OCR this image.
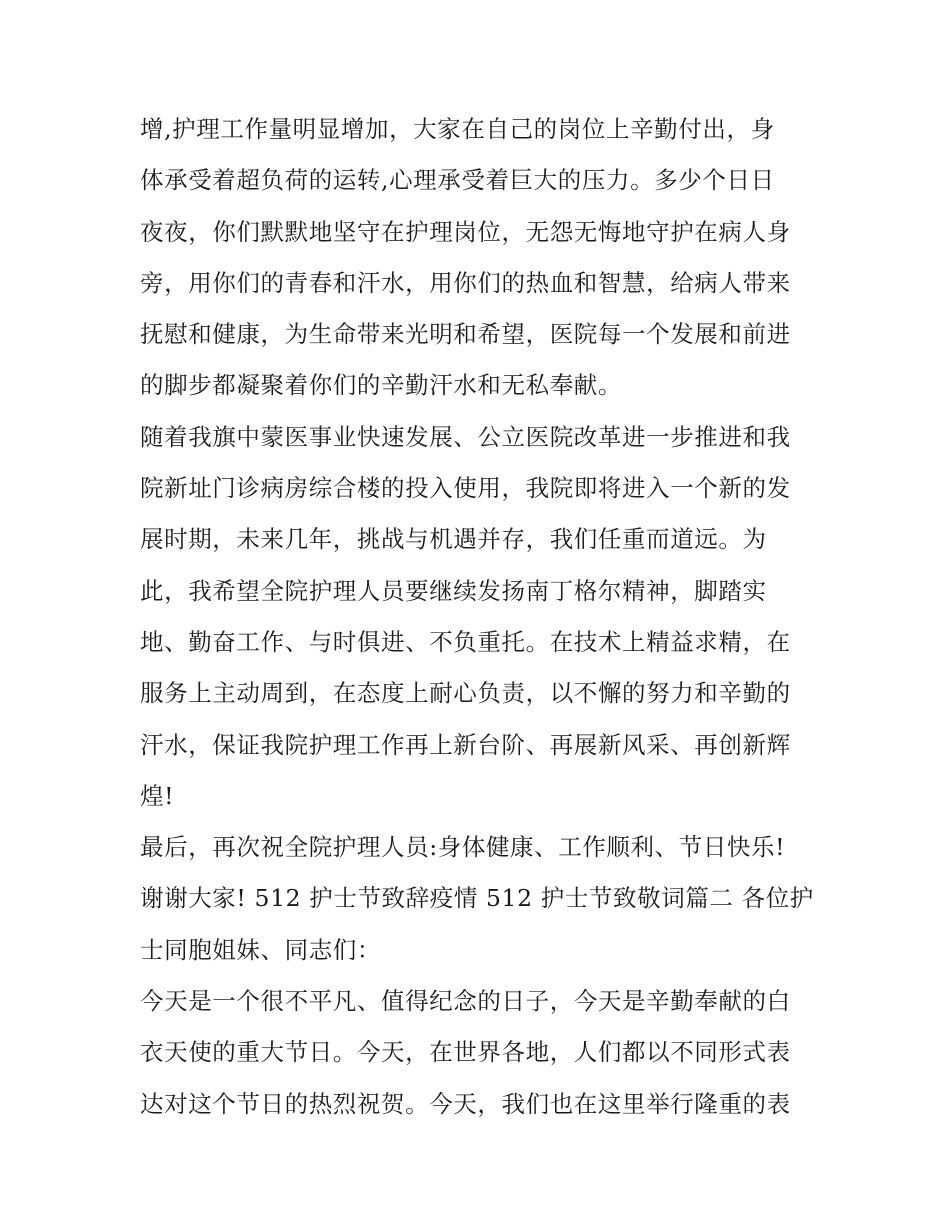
增,护理工作量明显增加，大家在自己的岗位上辛勤付出，身
体承受着超负荷的运转,心理承受着巨大的压力。多少个日日
夜夜，你们默默地坚守在护理岗位，无怨无悔地守护在病人身
旁，用你们的青春和汗水，用你们的热血和智慧，给病人带来
抚慰和健康，为生命带来光明和希望，医院每一个发展和前进
的脚步都凝聚着你们的辛勤汗水和无私奉献。
随着我旗中蒙医事业快速发展、公立医院改革进一步推进和我
院新址门诊病房综合楼的投入使用，我院即将进入一个新的发
展时期，未来几年，挑战与机遇并存，我们任重而道远。为
此，我希望全院护理人员要继续发扬南丁格尔精神，脚踏实
地、勤奋工作、与时俱进、不负重托。在技术上精益求精，在
服务上主动周到，在态度上耐心负责，以不懈的努力和辛勤的
汗水，保证我院护理工作再上新台阶、再展新风采、再创新辉
煌!
最后，再次祝全院护理人员:身体健康、工作顺利、节日快乐!
谢谢大家! 512 护士节致辞疫情 512 护士节致敬词篇二 各位护
士同胞姐妹、同志们：
今天是一个很不平凡、值得纪念的日子，今天是辛勤奉献的白
衣天使的重大节日。今天，在世界各地，人们都以不同形式表
达对这个节日的热烈祝贺。今天，我们也在这里举行隆重的表
